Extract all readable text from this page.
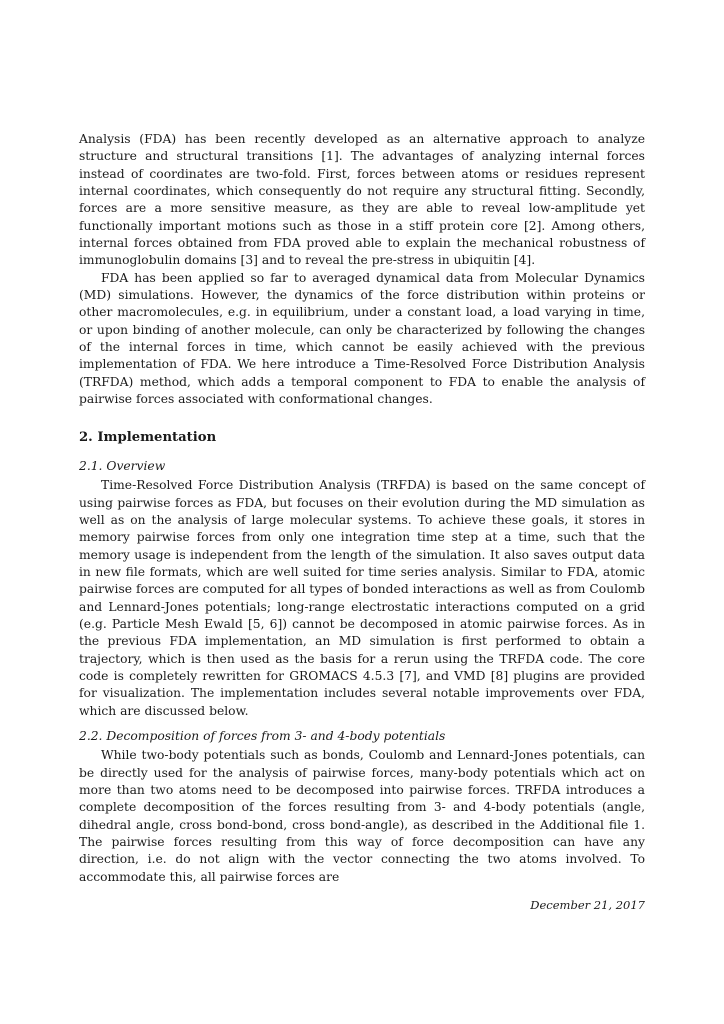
Analysis (FDA) has been recently developed as an alternative approach to analyze structure and structural transitions [1]. The advantages of analyzing internal forces instead of coordinates are two-fold. First, forces between atoms or residues represent internal coordinates, which consequently do not require any structural fitting. Secondly, forces are a more sensitive measure, as they are able to reveal low-amplitude yet functionally important motions such as those in a stiff protein core [2]. Among others, internal forces obtained from FDA proved able to explain the mechanical robustness of immunoglobulin domains [3] and to reveal the pre-stress in ubiquitin [4].

FDA has been applied so far to averaged dynamical data from Molecular Dynamics (MD) simulations. However, the dynamics of the force distribution within proteins or other macromolecules, e.g. in equilibrium, under a constant load, a load varying in time, or upon binding of another molecule, can only be characterized by following the changes of the internal forces in time, which cannot be easily achieved with the previous implementation of FDA. We here introduce a Time-Resolved Force Distribution Analysis (TRFDA) method, which adds a temporal component to FDA to enable the analysis of pairwise forces associated with conformational changes.

2. Implementation

2.1. Overview

Time-Resolved Force Distribution Analysis (TRFDA) is based on the same concept of using pairwise forces as FDA, but focuses on their evolution during the MD simulation as well as on the analysis of large molecular systems. To achieve these goals, it stores in memory pairwise forces from only one integration time step at a time, such that the memory usage is independent from the length of the simulation. It also saves output data in new file formats, which are well suited for time series analysis. Similar to FDA, atomic pairwise forces are computed for all types of bonded interactions as well as from Coulomb and Lennard-Jones potentials; long-range electrostatic interactions computed on a grid (e.g. Particle Mesh Ewald [5, 6]) cannot be decomposed in atomic pairwise forces. As in the previous FDA implementation, an MD simulation is first performed to obtain a trajectory, which is then used as the basis for a rerun using the TRFDA code. The core code is completely rewritten for GROMACS 4.5.3 [7], and VMD [8] plugins are provided for visualization. The implementation includes several notable improvements over FDA, which are discussed below.

2.2. Decomposition of forces from 3- and 4-body potentials

While two-body potentials such as bonds, Coulomb and Lennard-Jones potentials, can be directly used for the analysis of pairwise forces, many-body potentials which act on more than two atoms need to be decomposed into pairwise forces. TRFDA introduces a complete decomposition of the forces resulting from 3- and 4-body potentials (angle, dihedral angle, cross bond-bond, cross bond-angle), as described in the Additional file 1. The pairwise forces resulting from this way of force decomposition can have any direction, i.e. do not align with the vector connecting the two atoms involved. To accommodate this, all pairwise forces are

December 21, 2017
